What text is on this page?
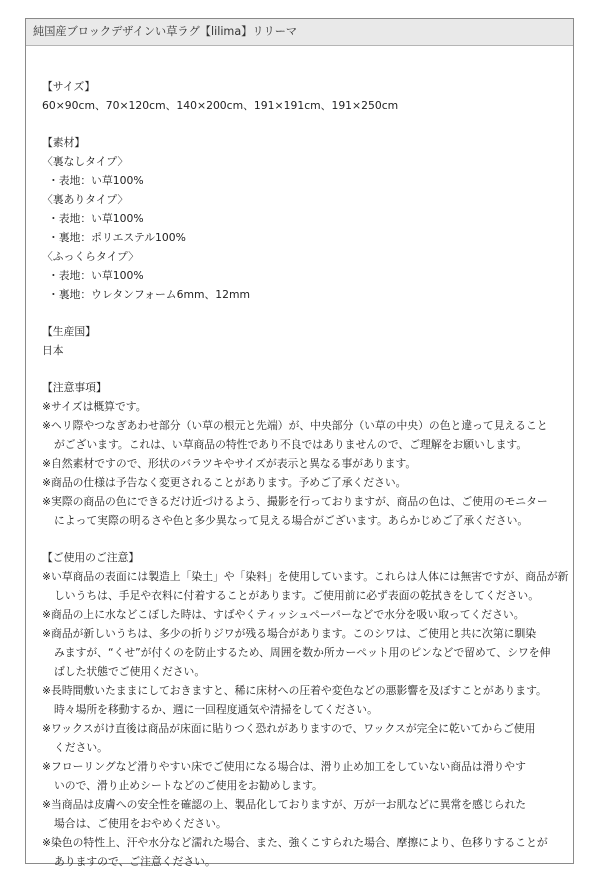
純国産ブロックデザインい草ラグ【lilima】リリーマ
【サイズ】
60×90cm、70×120cm、140×200cm、191×191cm、191×250cm
【素材】
〈裏なしタイプ〉
・表地：い草100%
〈裏ありタイプ〉
・表地：い草100%
・裏地：ポリエステル100%
〈ふっくらタイプ〉
・表地：い草100%
・裏地：ウレタンフォーム6mm、12mm
【生産国】
日本
【注意事項】
※サイズは概算です。
※ヘリ際やつなぎあわせ部分（い草の根元と先端）が、中央部分（い草の中央）の色と違って見えること
がございます。これは、い草商品の特性であり不良ではありませんので、ご理解をお願いします。
※自然素材ですので、形状のバラツキやサイズが表示と異なる事があります。
※商品の仕様は予告なく変更されることがあります。予めご了承ください。
※実際の商品の色にできるだけ近づけるよう、撮影を行っておりますが、商品の色は、ご使用のモニター
によって実際の明るさや色と多少異なって見える場合がございます。あらかじめご了承ください。
【ご使用のご注意】
※い草商品の表面には製造上「染土」や「染料」を使用しています。これらは人体には無害ですが、商品が新
しいうちは、手足や衣料に付着することがあります。ご使用前に必ず表面の乾拭きをしてください。
※商品の上に水などこぼした時は、すばやくティッシュペーパーなどで水分を吸い取ってください。
※商品が新しいうちは、多少の折りジワが残る場合があります。このシワは、ご使用と共に次第に馴染
みますが、“くせ”が付くのを防止するため、周囲を数か所カーペット用のピンなどで留めて、シワを伸
ばした状態でご使用ください。
※長時間敷いたままにしておきますと、稀に床材への圧着や変色などの悪影響を及ぼすことがあります。
時々場所を移動するか、週に一回程度通気や清掃をしてください。
※ワックスがけ直後は商品が床面に貼りつく恐れがありますので、ワックスが完全に乾いてからご使用
ください。
※フローリングなど滑りやすい床でご使用になる場合は、滑り止め加工をしていない商品は滑りやす
いので、滑り止めシートなどのご使用をお勧めします。
※当商品は皮膚への安全性を確認の上、製品化しておりますが、万が一お肌などに異常を感じられた
場合は、ご使用をおやめください。
※染色の特性上、汗や水分など濡れた場合、また、強くこすられた場合、摩擦により、色移りすることが
ありますので、ご注意ください。
